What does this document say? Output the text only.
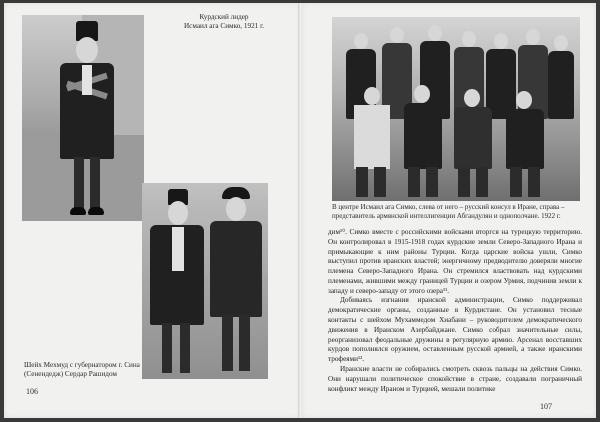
Курдский лидер
Исмаил ага Симко, 1921 г.
Шейх Мехмуд с губернатором г. Сина
(Сенендедж) Сердар Рашидом
106
В центре Исмаил ага Симко, слева от него – русский консул в Иране, справа – представитель армянской интеллигенции Абгандулян и однополчане. 1922 г.

дим¹⁰. Симко вместе с российскими войсками вторгся на турецкую территорию. Он контролировал в 1915-1918 годах курдские земли Северо-Западного Ирана и примыкающие к ним районы Турции. Когда царские войска ушли, Симко выступил против иранских властей; энергичному предводителю доверяли многие племена Северо-Западного Ирана. Он стремился властвовать над курдскими племенами, жившими между границей Турции и озером Урмия, подчинив земли к западу и северо-западу от этого озера¹¹.

Добиваясь изгнания иранской администрации, Симко поддерживал демократические органы, созданные в Курдистане. Он установил тесные контакты с шейхом Мухаммедом Хиабани – руководителем демократического движения в Иранском Азербайджане. Симко собрал значительные силы, реорганизовал феодальные дружины в регулярную армию. Арсенал восставших курдов пополнялся оружием, оставленным русской армией, а также иранскими трофеями¹².

Иранские власти не собирались смотреть сквозь пальцы на действия Симко. Они нарушали политическое спокойствие в стране, создавали пограничный конфликт между Ираном и Турцией, мешали политике

107
